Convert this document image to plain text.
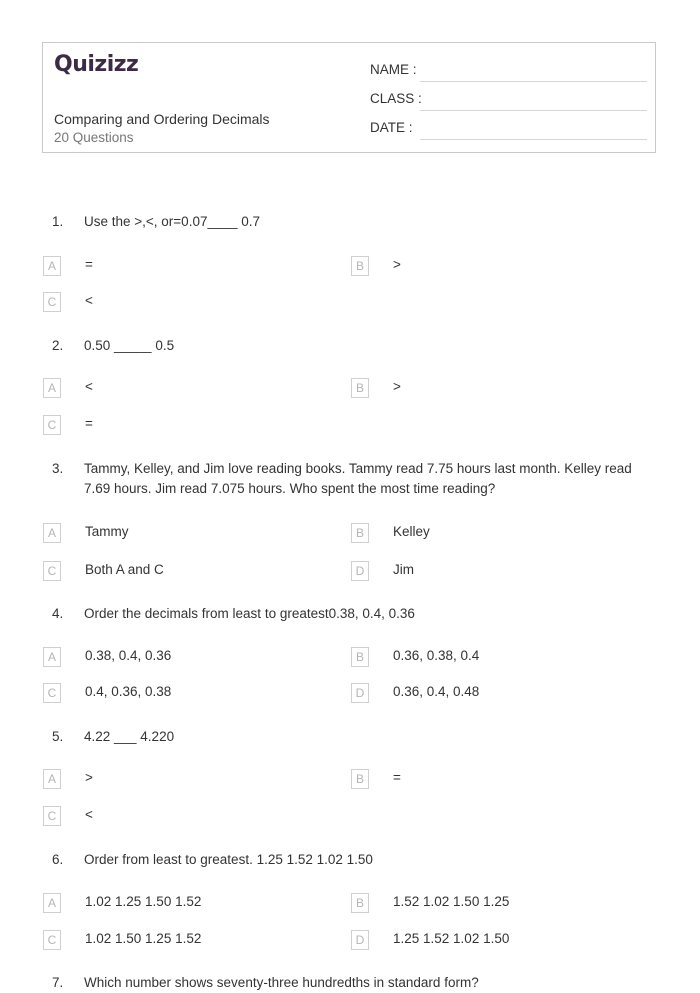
Quizizz
Comparing and Ordering Decimals
20 Questions
NAME :
CLASS :
DATE :
1.	Use the >,<, or=0.07____ 0.7
A	=	B	>
C	<
2.	0.50 _____ 0.5
A	<	B	>
C	=
3.	Tammy, Kelley, and Jim love reading books. Tammy read 7.75 hours last month. Kelley read 7.69 hours. Jim read 7.075 hours. Who spent the most time reading?
A	Tammy	B	Kelley
C	Both A and C	D	Jim
4.	Order the decimals from least to greatest0.38, 0.4, 0.36
A	0.38, 0.4, 0.36	B	0.36, 0.38, 0.4
C	0.4, 0.36, 0.38	D	0.36, 0.4, 0.48
5.	4.22 ___ 4.220
A	>	B	=
C	<
6.	Order from least to greatest. 1.25 1.52 1.02 1.50
A	1.02 1.25 1.50 1.52	B	1.52 1.02 1.50 1.25
C	1.02 1.50 1.25 1.52	D	1.25 1.52 1.02 1.50
7.	Which number shows seventy-three hundredths in standard form?
